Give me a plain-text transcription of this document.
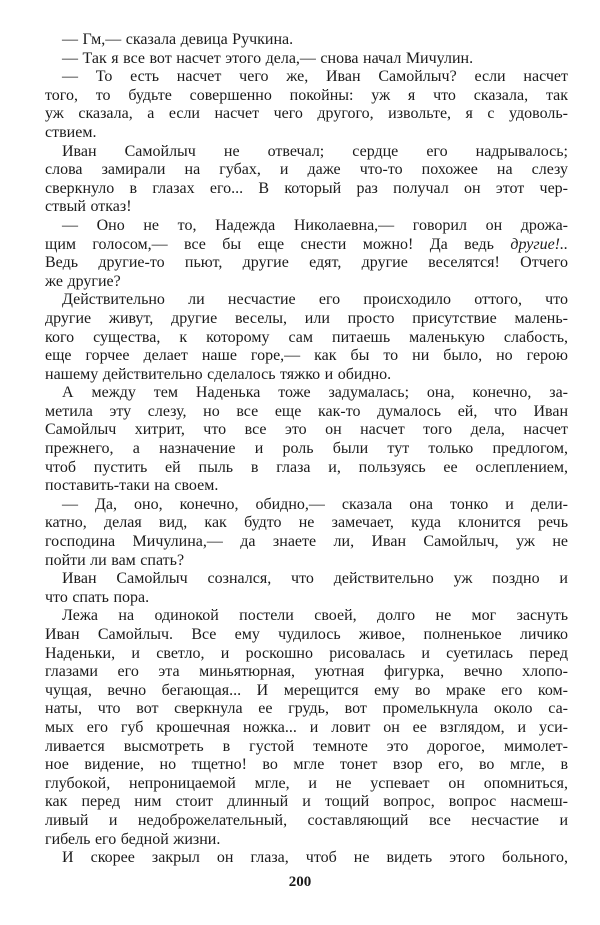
— Гм,— сказала девица Ручкина.
— Так я все вот насчет этого дела,— снова начал Мичулин.
— То есть насчет чего же, Иван Самойлыч? если насчет
того, то будьте совершенно покойны: уж я что сказала, так
уж сказала, а если насчет чего другого, извольте, я с удоволь-
ствием.
Иван Самойлыч не отвечал; сердце его надрывалось;
слова замирали на губах, и даже что-то похожее на слезу
сверкнуло в глазах его... В который раз получал он этот чер-
ствый отказ!
— Оно не то, Надежда Николаевна,— говорил он дрожа-
щим голосом,— все бы еще снести можно! Да ведь другие!..
Ведь другие-то пьют, другие едят, другие веселятся! Отчего
же другие?
Действительно ли несчастие его происходило оттого, что
другие живут, другие веселы, или просто присутствие малень-
кого существа, к которому сам питаешь маленькую слабость,
еще горчее делает наше горе,— как бы то ни было, но герою
нашему действительно сделалось тяжко и обидно.
А между тем Наденька тоже задумалась; она, конечно, за-
метила эту слезу, но все еще как-то думалось ей, что Иван
Самойлыч хитрит, что все это он насчет того дела, насчет
прежнего, а назначение и роль были тут только предлогом,
чтоб пустить ей пыль в глаза и, пользуясь ее ослеплением,
поставить-таки на своем.
— Да, оно, конечно, обидно,— сказала она тонко и дели-
катно, делая вид, как будто не замечает, куда клонится речь
господина Мичулина,— да знаете ли, Иван Самойлыч, уж не
пойти ли вам спать?
Иван Самойлыч сознался, что действительно уж поздно и
что спать пора.
Лежа на одинокой постели своей, долго не мог заснуть
Иван Самойлыч. Все ему чудилось живое, полненькое личико
Наденьки, и светло, и роскошно рисовалась и суетилась перед
глазами его эта миньятюрная, уютная фигурка, вечно хлопо-
чущая, вечно бегающая... И мерещится ему во мраке его ком-
наты, что вот сверкнула ее грудь, вот промелькнула около са-
мых его губ крошечная ножка... и ловит он ее взглядом, и уси-
ливается высмотреть в густой темноте это дорогое, мимолет-
ное видение, но тщетно! во мгле тонет взор его, во мгле, в
глубокой, непроницаемой мгле, и не успевает он опомниться,
как перед ним стоит длинный и тощий вопрос, вопрос насмеш-
ливый и недоброжелательный, составляющий все несчастие и
гибель его бедной жизни.
И скорее закрыл он глаза, чтоб не видеть этого больного,
200
